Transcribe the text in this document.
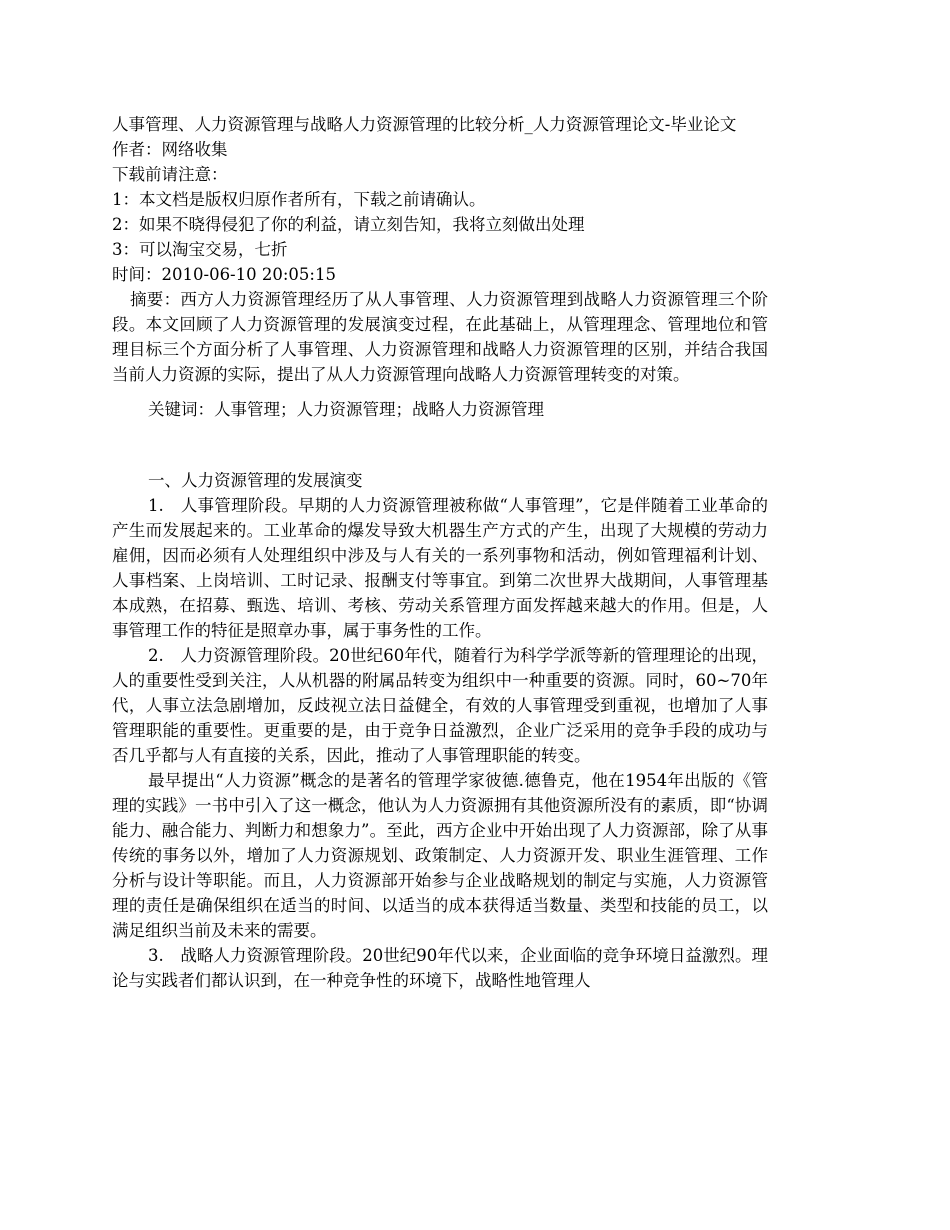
人事管理、人力资源管理与战略人力资源管理的比较分析_人力资源管理论文-毕业论文

作者：网络收集

下载前请注意：

1：本文档是版权归原作者所有，下载之前请确认。

2：如果不晓得侵犯了你的利益，请立刻告知，我将立刻做出处理

3：可以淘宝交易，七折

时间：2010-06-10 20:05:15

摘要：西方人力资源管理经历了从人事管理、人力资源管理到战略人力资源管理三个阶段。本文回顾了人力资源管理的发展演变过程，在此基础上，从管理理念、管理地位和管理目标三个方面分析了人事管理、人力资源管理和战略人力资源管理的区别，并结合我国当前人力资源的实际，提出了从人力资源管理向战略人力资源管理转变的对策。

关键词：人事管理；人力资源管理；战略人力资源管理

一、人力资源管理的发展演变

1.　人事管理阶段。早期的人力资源管理被称做“人事管理”，它是伴随着工业革命的产生而发展起来的。工业革命的爆发导致大机器生产方式的产生，出现了大规模的劳动力雇佣，因而必须有人处理组织中涉及与人有关的一系列事物和活动，例如管理福利计划、人事档案、上岗培训、工时记录、报酬支付等事宜。到第二次世界大战期间，人事管理基本成熟，在招募、甄选、培训、考核、劳动关系管理方面发挥越来越大的作用。但是，人事管理工作的特征是照章办事，属于事务性的工作。

2.　人力资源管理阶段。20世纪60年代，随着行为科学学派等新的管理理论的出现，人的重要性受到关注，人从机器的附属品转变为组织中一种重要的资源。同时，60~70年代，人事立法急剧增加，反歧视立法日益健全，有效的人事管理受到重视，也增加了人事管理职能的重要性。更重要的是，由于竞争日益激烈，企业广泛采用的竞争手段的成功与否几乎都与人有直接的关系，因此，推动了人事管理职能的转变。

最早提出“人力资源”概念的是著名的管理学家彼德.德鲁克，他在1954年出版的《管理的实践》一书中引入了这一概念，他认为人力资源拥有其他资源所没有的素质，即“协调能力、融合能力、判断力和想象力”。至此，西方企业中开始出现了人力资源部，除了从事传统的事务以外，增加了人力资源规划、政策制定、人力资源开发、职业生涯管理、工作分析与设计等职能。而且，人力资源部开始参与企业战略规划的制定与实施，人力资源管理的责任是确保组织在适当的时间、以适当的成本获得适当数量、类型和技能的员工，以满足组织当前及未来的需要。

3.　战略人力资源管理阶段。20世纪90年代以来，企业面临的竞争环境日益激烈。理论与实践者们都认识到，在一种竞争性的环境下，战略性地管理人
